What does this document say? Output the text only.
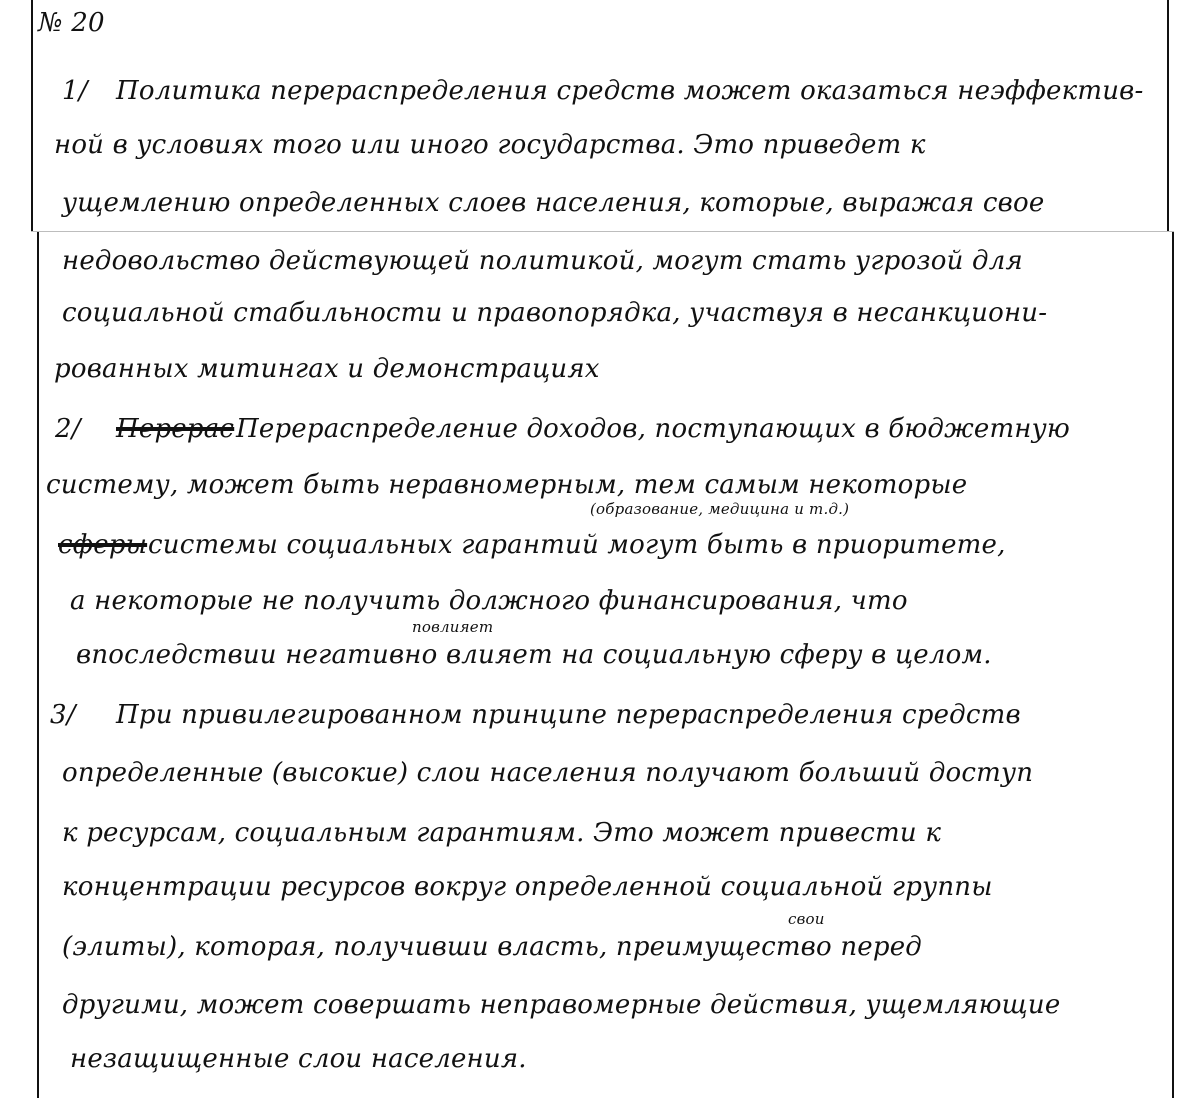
№ 20
1/ Политика перераспределения средств может оказаться неэффектив-
ной в условиях того или иного государства. Это приведет к
ущемлению определенных слоев населения, которые, выражая свое
недовольство действующей политикой, могут стать угрозой для
социальной стабильности и правопорядка, участвуя в несанкциони-
рованных митингах и демонстрациях
2/ Перерас Перераспределение доходов, поступающих в бюджетную
систему, может быть неравномерным, тем самым некоторые
(образование, медицина и т.д.)
сферы системы социальных гарантий могут быть в приоритете,
а некоторые не получить должного финансирования, что
повлияет
впоследствии негативно влияет на социальную сферу в целом.
3/ При привилегированном принципе перераспределения средств
определенные (высокие) слои населения получают больший доступ
к ресурсам, социальным гарантиям. Это может привести к
концентрации ресурсов вокруг определенной социальной группы
свои
(элиты), которая, получивши власть, преимущество перед
другими, может совершать неправомерные действия, ущемляющие
незащищенные слои населения.
